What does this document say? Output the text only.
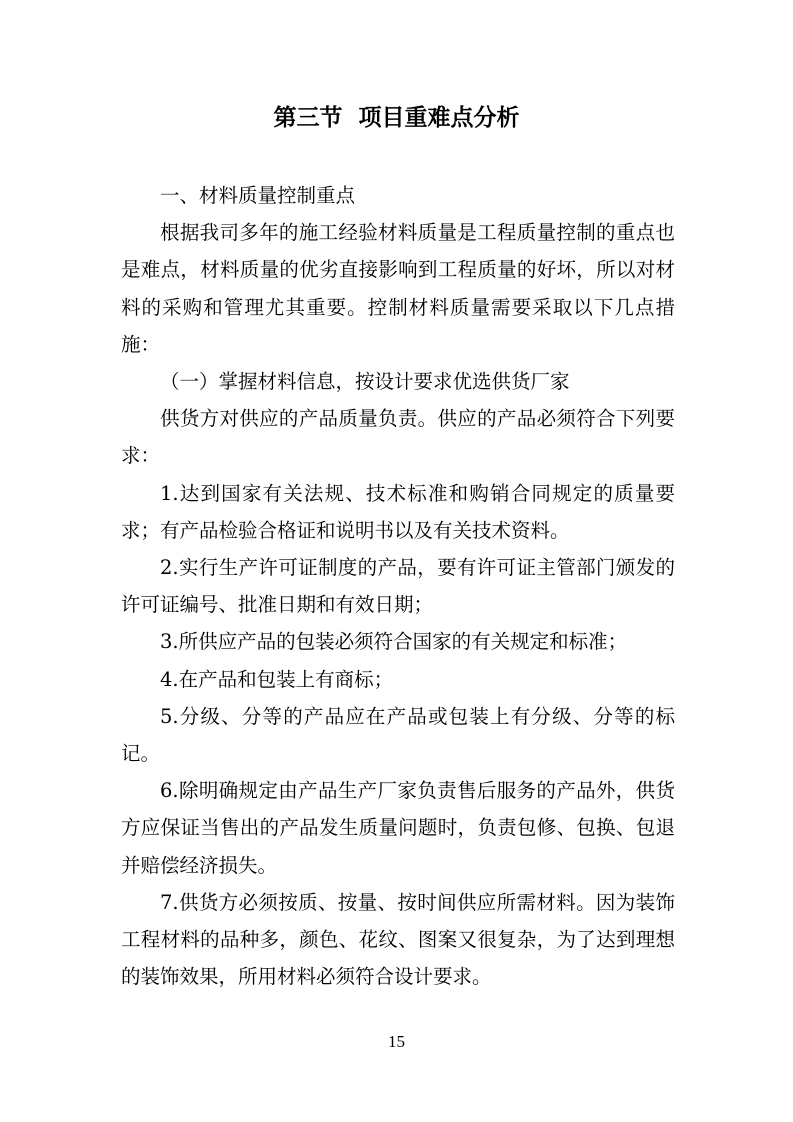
第三节  项目重难点分析

一、材料质量控制重点

根据我司多年的施工经验材料质量是工程质量控制的重点也是难点，材料质量的优劣直接影响到工程质量的好坏，所以对材料的采购和管理尤其重要。控制材料质量需要采取以下几点措施：

（一）掌握材料信息，按设计要求优选供货厂家

供货方对供应的产品质量负责。供应的产品必须符合下列要求：

1.达到国家有关法规、技术标准和购销合同规定的质量要求；有产品检验合格证和说明书以及有关技术资料。

2.实行生产许可证制度的产品，要有许可证主管部门颁发的许可证编号、批准日期和有效日期；

3.所供应产品的包装必须符合国家的有关规定和标准；

4.在产品和包装上有商标；

5.分级、分等的产品应在产品或包装上有分级、分等的标记。

6.除明确规定由产品生产厂家负责售后服务的产品外，供货方应保证当售出的产品发生质量问题时，负责包修、包换、包退并赔偿经济损失。

7.供货方必须按质、按量、按时间供应所需材料。因为装饰工程材料的品种多，颜色、花纹、图案又很复杂，为了达到理想的装饰效果，所用材料必须符合设计要求。

15
